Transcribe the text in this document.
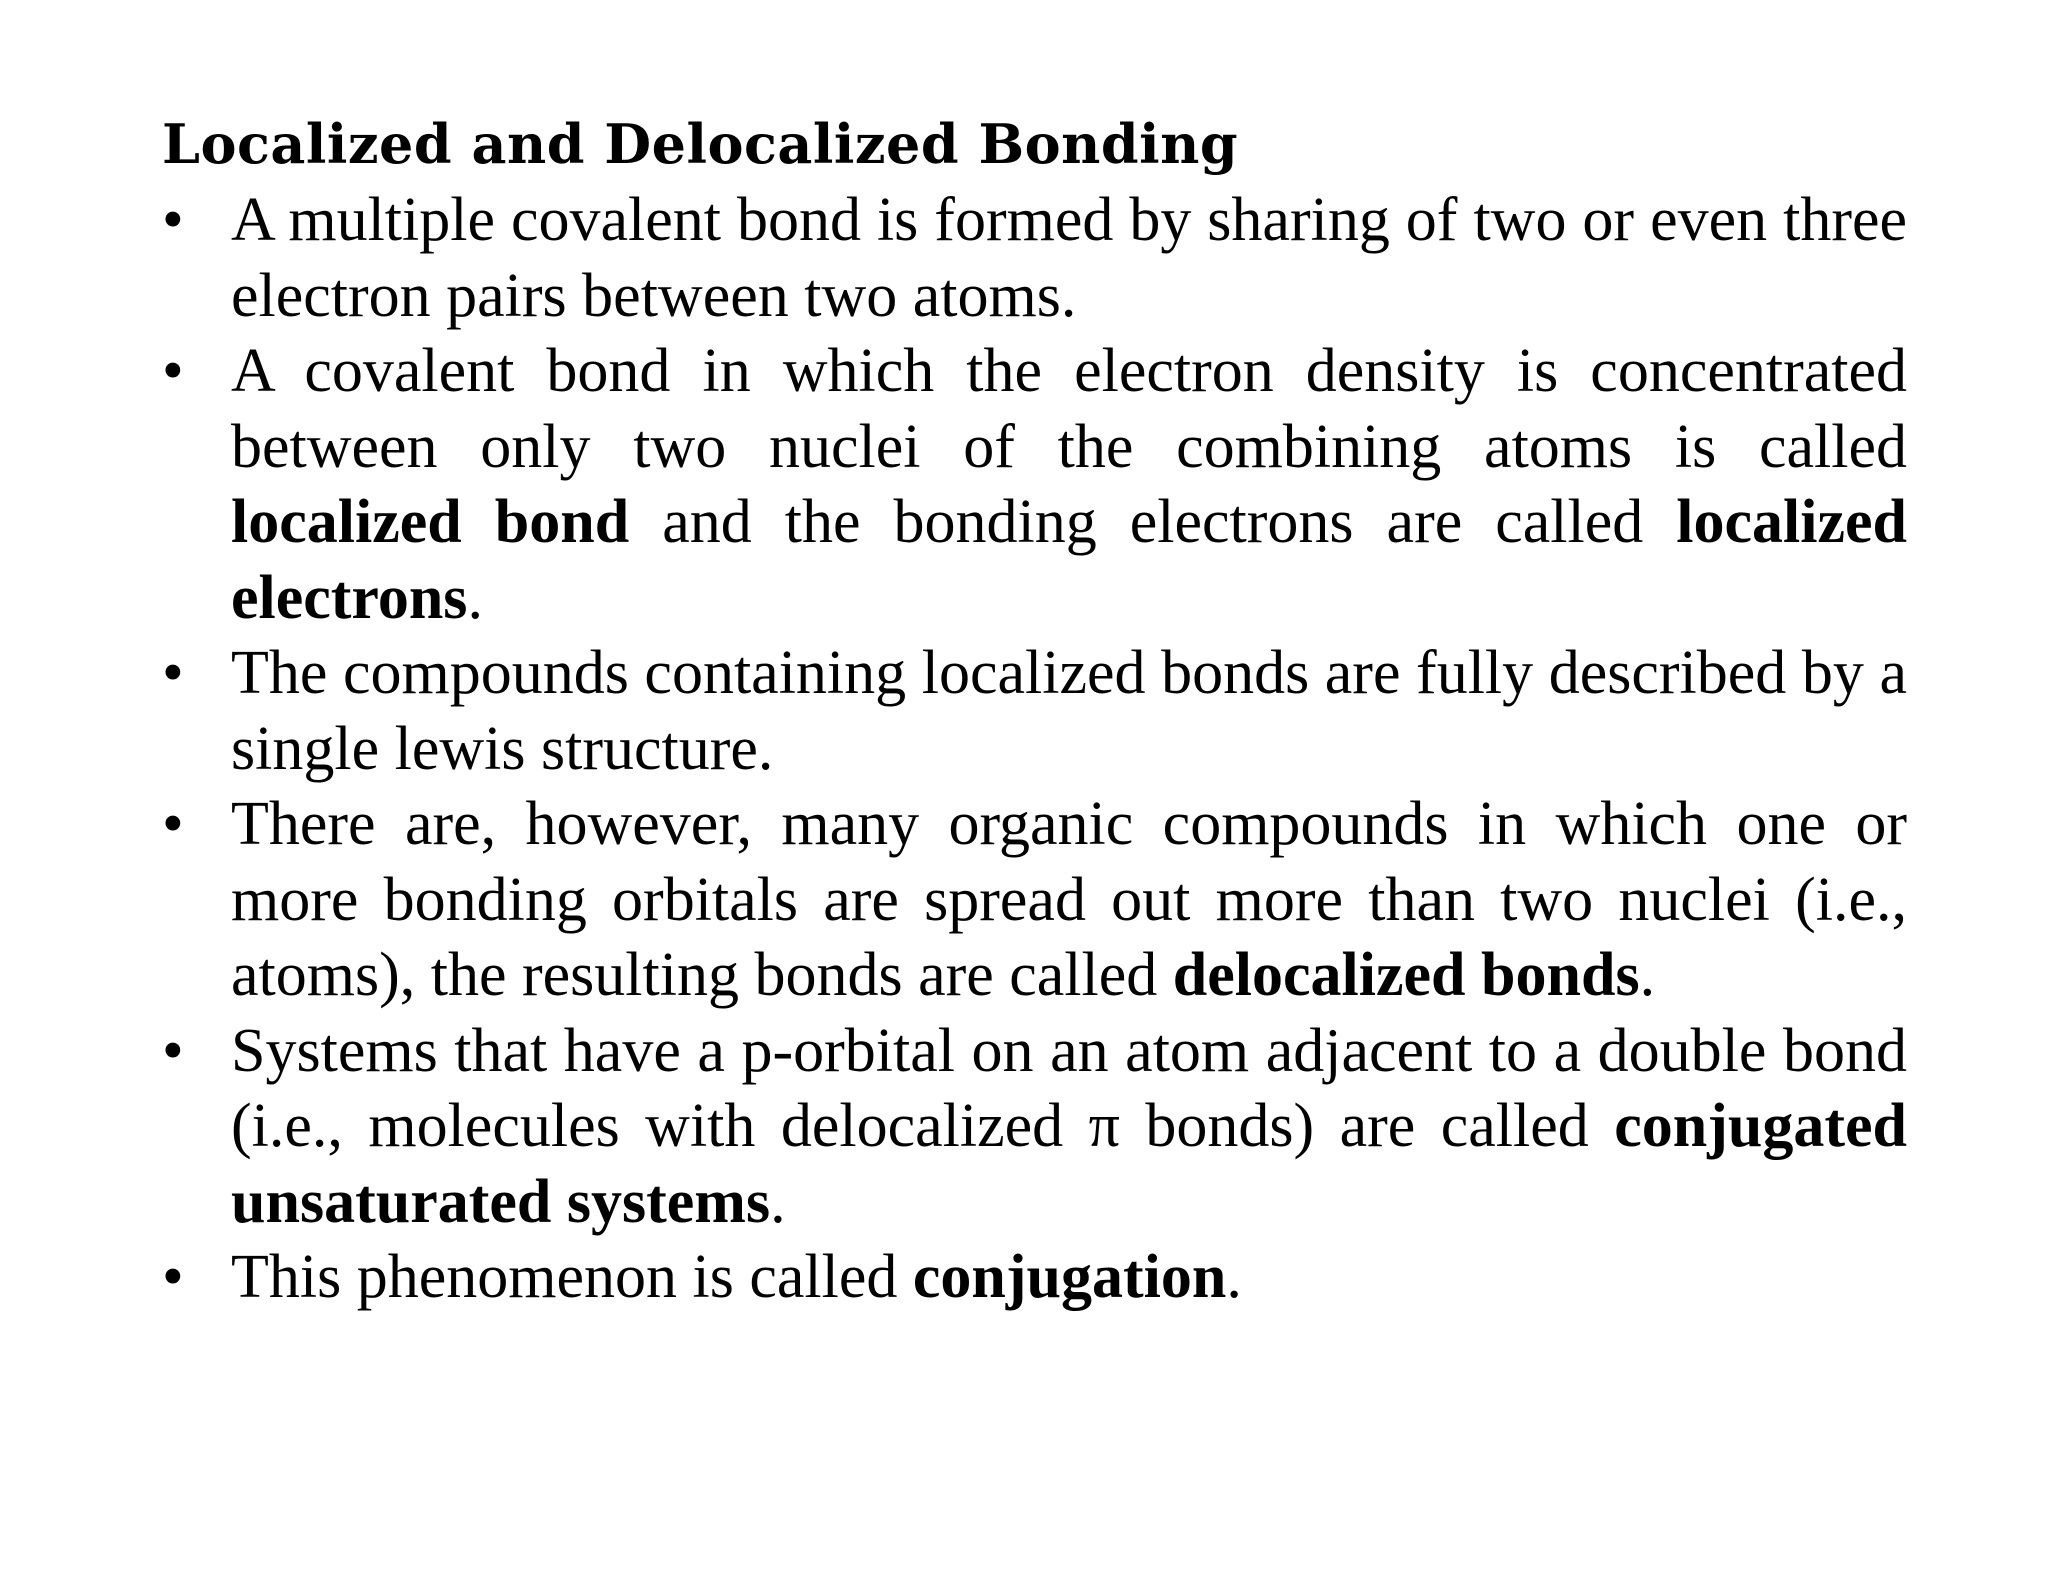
Localized and Delocalized Bonding
• A multiple covalent bond is formed by sharing of two or even three electron pairs between two atoms.
• A covalent bond in which the electron density is concentrated between only two nuclei of the combining atoms is called localized bond and the bonding electrons are called localized electrons.
• The compounds containing localized bonds are fully described by a single lewis structure.
• There are, however, many organic compounds in which one or more bonding orbitals are spread out more than two nuclei (i.e., atoms), the resulting bonds are called delocalized bonds.
• Systems that have a p-orbital on an atom adjacent to a double bond (i.e., molecules with delocalized π bonds) are called conjugated unsaturated systems.
• This phenomenon is called conjugation.
